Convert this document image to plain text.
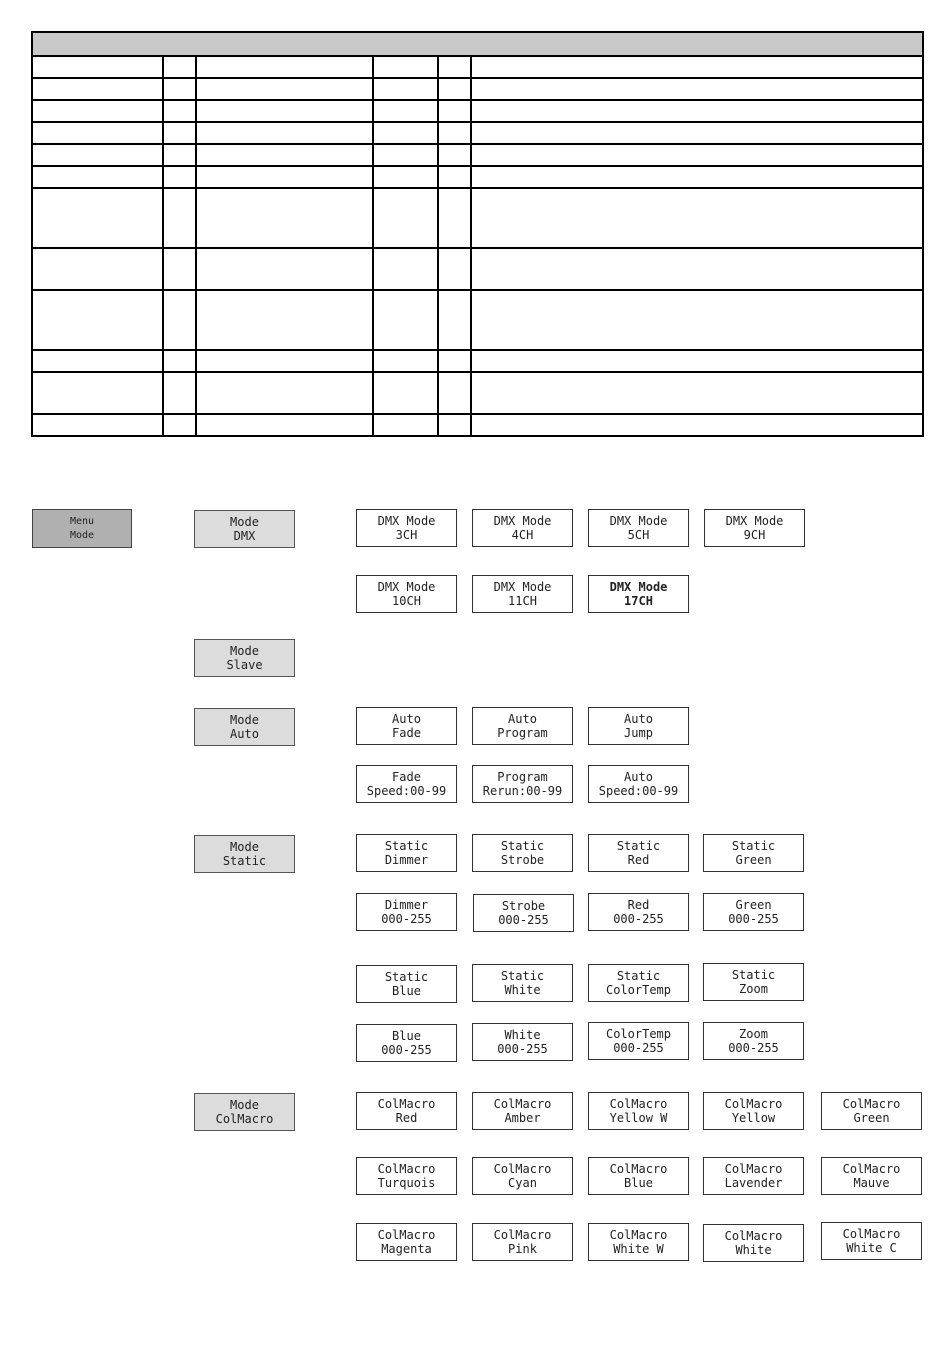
Menu
Mode
Mode
DMX
Mode
Slave
Mode
Auto
Mode
Static
Mode
ColMacro
DMX Mode
3CH
DMX Mode
4CH
DMX Mode
5CH
DMX Mode
9CH
DMX Mode
10CH
DMX Mode
11CH
DMX Mode
17CH
Auto
Fade
Auto
Program
Auto
Jump
Fade
Speed:00-99
Program
Rerun:00-99
Auto
Speed:00-99
Static
Dimmer
Static
Strobe
Static
Red
Static
Green
Dimmer
000-255
Strobe
000-255
Red
000-255
Green
000-255
Static
Blue
Static
White
Static
ColorTemp
Static
Zoom
Blue
000-255
White
000-255
ColorTemp
000-255
Zoom
000-255
ColMacro
Red
ColMacro
Amber
ColMacro
Yellow W
ColMacro
Yellow
ColMacro
Green
ColMacro
Turquois
ColMacro
Cyan
ColMacro
Blue
ColMacro
Lavender
ColMacro
Mauve
ColMacro
Magenta
ColMacro
Pink
ColMacro
White W
ColMacro
White
ColMacro
White C
